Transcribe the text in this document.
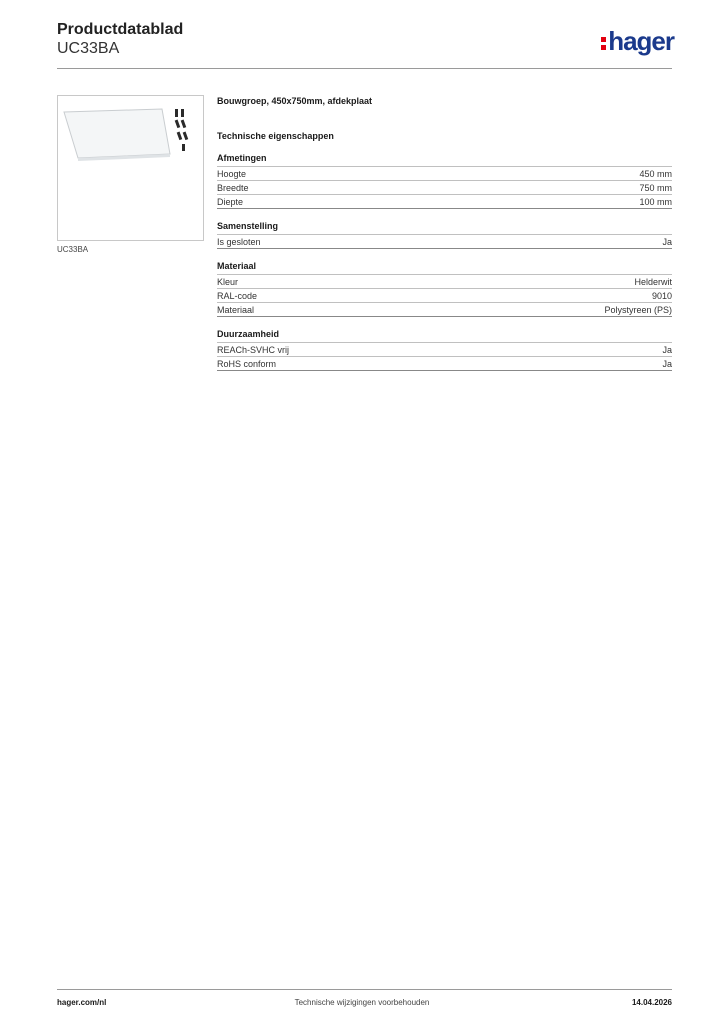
Productdatablad
UC33BA	hager
UC33BA
Bouwgroep, 450x750mm, afdekplaat
Technische eigenschappen
Afmetingen
Hoogte	450 mm
Breedte	750 mm
Diepte	100 mm
Samenstelling
Is gesloten	Ja
Materiaal
Kleur	Helderwit
RAL-code	9010
Materiaal	Polystyreen (PS)
Duurzaamheid
REACh-SVHC vrij	Ja
RoHS conform	Ja
hager.com/nl	Technische wijzigingen voorbehouden	14.04.2026
